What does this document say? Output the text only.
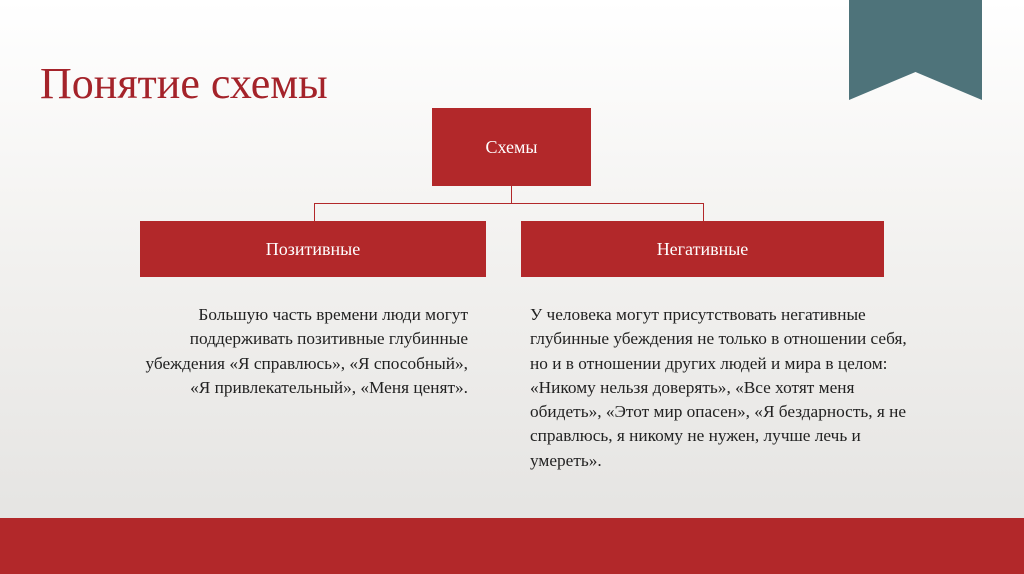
Понятие схемы
Схемы
Позитивные	Негативные
Большую часть времени люди могут
поддерживать позитивные глубинные
убеждения «Я справлюсь», «Я способный»,
«Я привлекательный», «Меня ценят».
У человека могут присутствовать негативные
глубинные убеждения не только в отношении себя,
но и в отношении других людей и мира в целом:
«Никому нельзя доверять», «Все хотят меня
обидеть», «Этот мир опасен», «Я бездарность, я не
справлюсь, я никому не нужен, лучше лечь и
умереть».
